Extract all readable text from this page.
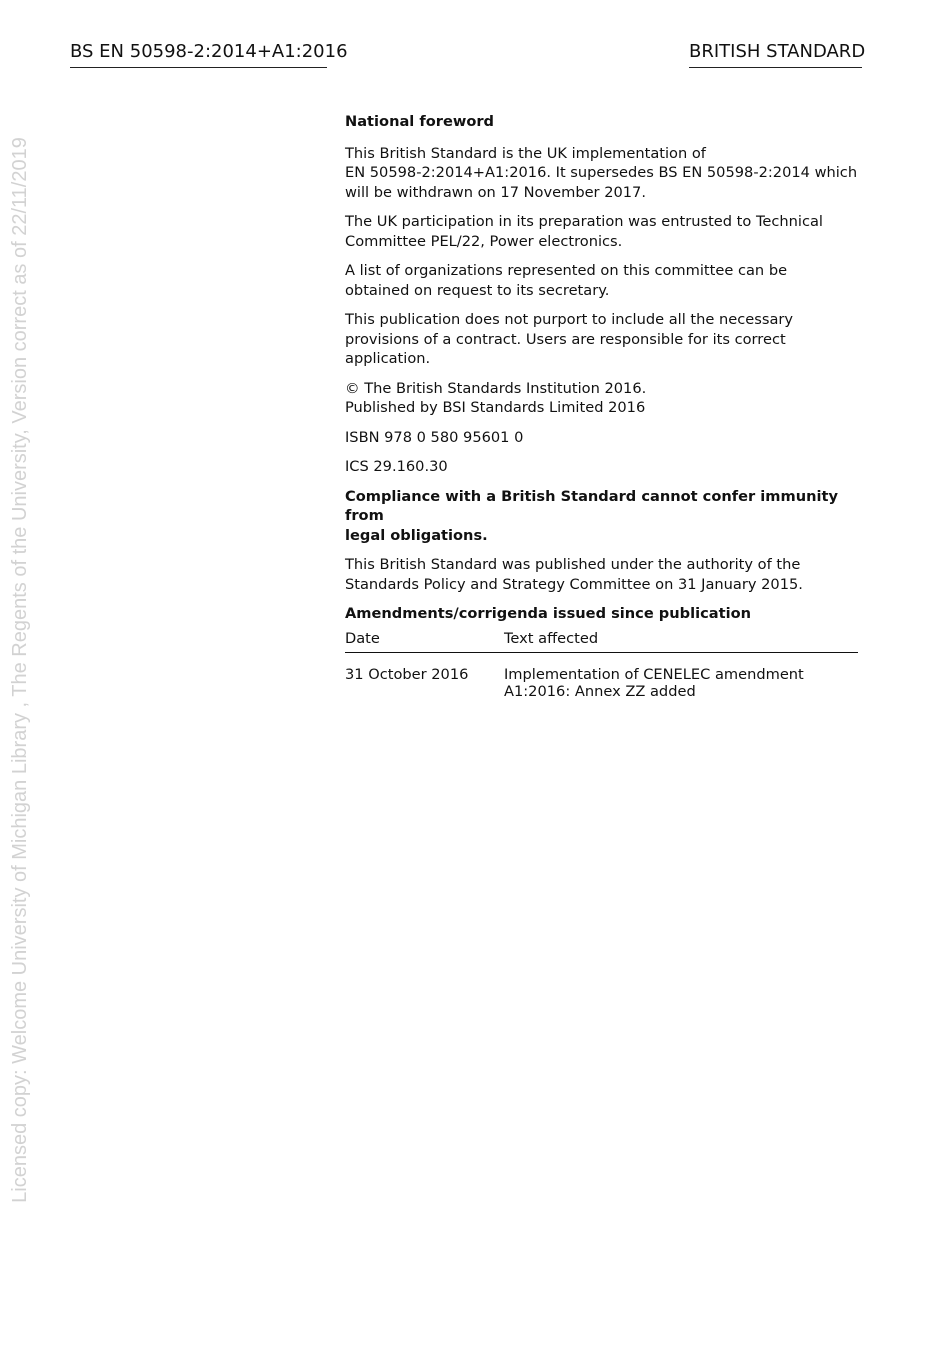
BS EN 50598-2:2014+A1:2016	BRITISH STANDARD
Licensed copy: Welcome University of Michigan Library , The Regents of the University, Version correct as of 22/11/2019

National foreword

This British Standard is the UK implementation of
EN 50598-2:2014+A1:2016. It supersedes BS EN 50598-2:2014 which
will be withdrawn on 17 November 2017.

The UK participation in its preparation was entrusted to Technical
Committee PEL/22, Power electronics.

A list of organizations represented on this committee can be
obtained on request to its secretary.

This publication does not purport to include all the necessary
provisions of a contract. Users are responsible for its correct
application.

© The British Standards Institution 2016.
Published by BSI Standards Limited 2016

ISBN 978 0 580 95601 0

ICS 29.160.30

Compliance with a British Standard cannot confer immunity from
legal obligations.

This British Standard was published under the authority of the
Standards Policy and Strategy Committee on 31 January 2015.

Amendments/corrigenda issued since publication

Date	Text affected
31 October 2016	Implementation of CENELEC amendment
A1:2016: Annex ZZ added
